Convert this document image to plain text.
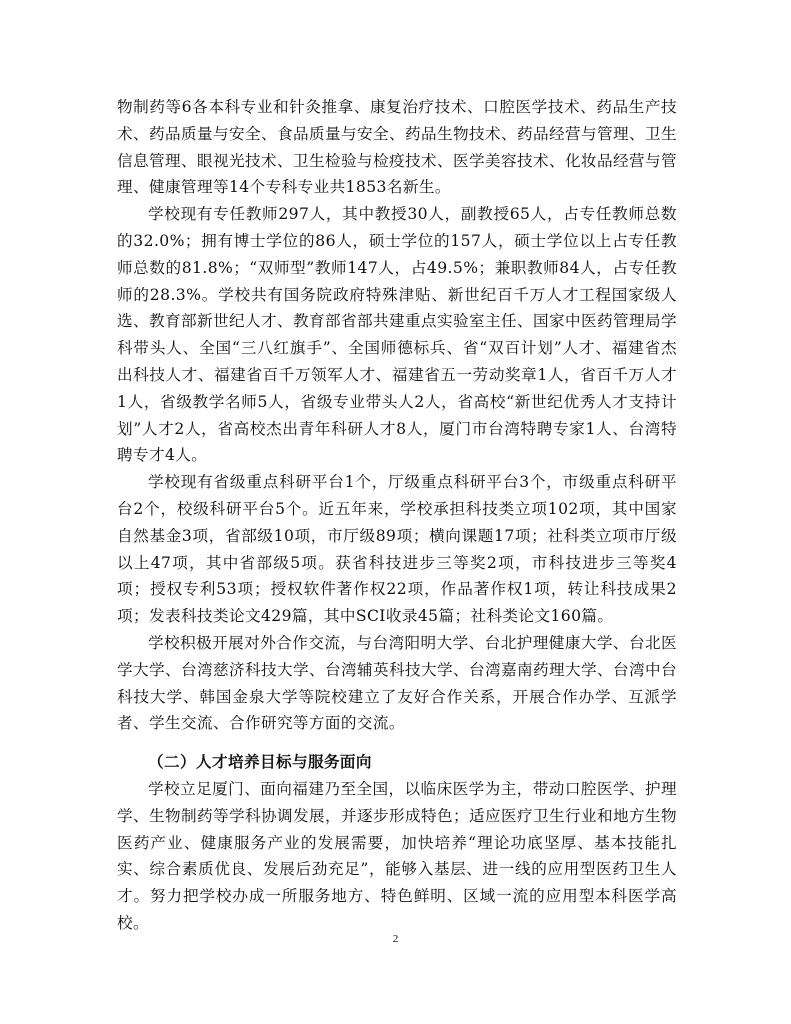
物制药等6各本科专业和针灸推拿、康复治疗技术、口腔医学技术、药品生产技术、药品质量与安全、食品质量与安全、药品生物技术、药品经营与管理、卫生信息管理、眼视光技术、卫生检验与检疫技术、医学美容技术、化妆品经营与管理、健康管理等14个专科专业共1853名新生。

学校现有专任教师297人，其中教授30人，副教授65人，占专任教师总数的32.0%；拥有博士学位的86人，硕士学位的157人，硕士学位以上占专任教师总数的81.8%；“双师型”教师147人，占49.5%；兼职教师84人，占专任教师的28.3%。学校共有国务院政府特殊津贴、新世纪百千万人才工程国家级人选、教育部新世纪人才、教育部省部共建重点实验室主任、国家中医药管理局学科带头人、全国“三八红旗手”、全国师德标兵、省“双百计划”人才、福建省杰出科技人才、福建省百千万领军人才、福建省五一劳动奖章1人，省百千万人才1人，省级教学名师5人，省级专业带头人2人，省高校“新世纪优秀人才支持计划”人才2人，省高校杰出青年科研人才8人，厦门市台湾特聘专家1人、台湾特聘专才4人。

学校现有省级重点科研平台1个，厅级重点科研平台3个，市级重点科研平台2个，校级科研平台5个。近五年来，学校承担科技类立项102项，其中国家自然基金3项，省部级10项，市厅级89项；横向课题17项；社科类立项市厅级以上47项，其中省部级5项。获省科技进步三等奖2项，市科技进步三等奖4项；授权专利53项；授权软件著作权22项，作品著作权1项，转让科技成果2项；发表科技类论文429篇，其中SCI收录45篇；社科类论文160篇。

学校积极开展对外合作交流，与台湾阳明大学、台北护理健康大学、台北医学大学、台湾慈济科技大学、台湾辅英科技大学、台湾嘉南药理大学、台湾中台科技大学、韩国金泉大学等院校建立了友好合作关系，开展合作办学、互派学者、学生交流、合作研究等方面的交流。

（二）人才培养目标与服务面向

学校立足厦门、面向福建乃至全国，以临床医学为主，带动口腔医学、护理学、生物制药等学科协调发展，并逐步形成特色；适应医疗卫生行业和地方生物医药产业、健康服务产业的发展需要，加快培养“理论功底坚厚、基本技能扎实、综合素质优良、发展后劲充足”，能够入基层、进一线的应用型医药卫生人才。努力把学校办成一所服务地方、特色鲜明、区域一流的应用型本科医学高校。

2
